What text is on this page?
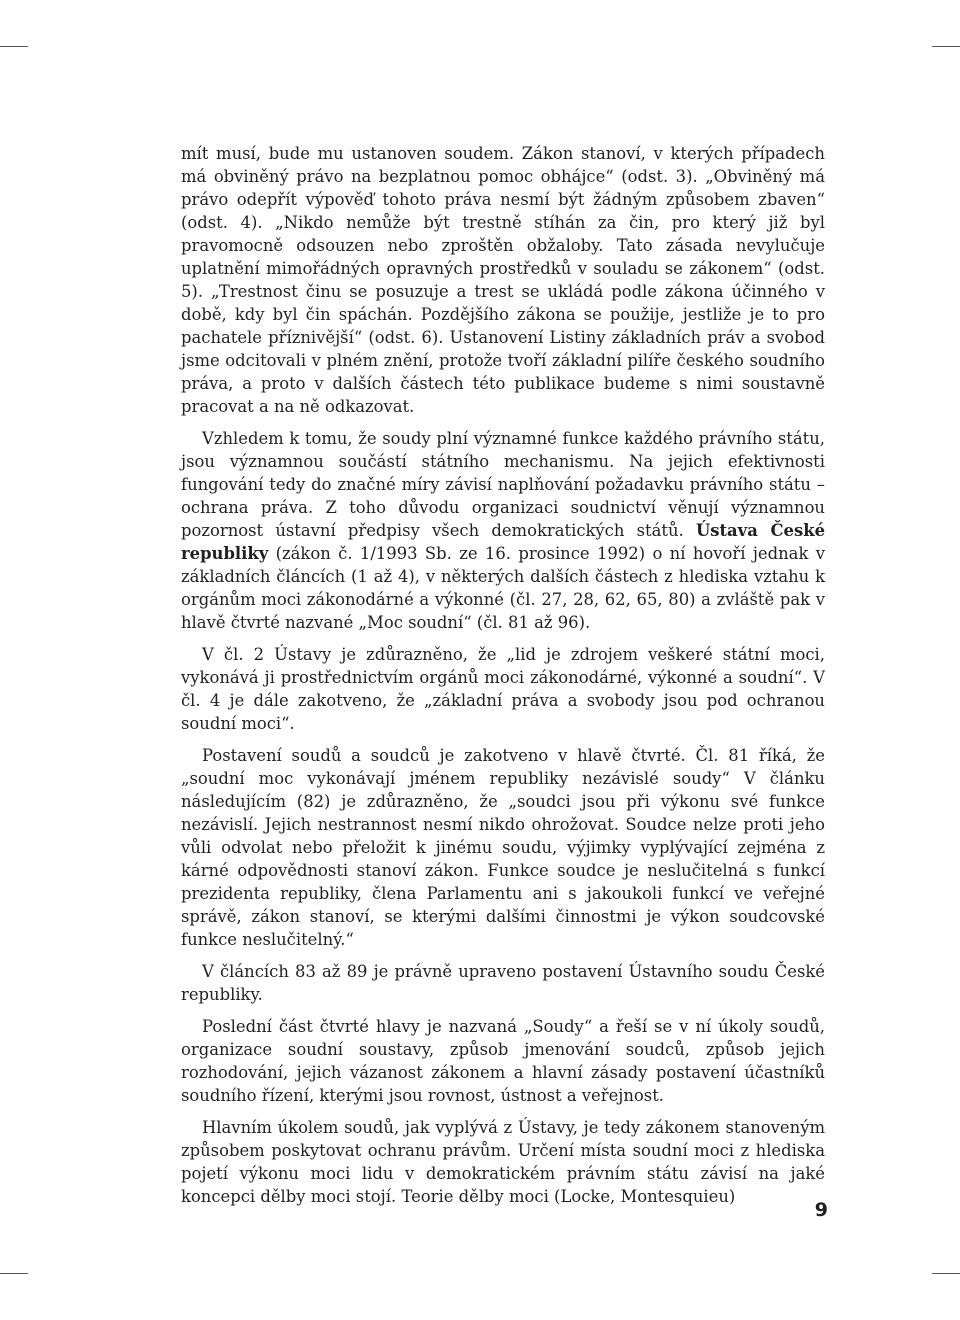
mít musí, bude mu ustanoven soudem. Zákon stanoví, v kterých případech má obviněný právo na bezplatnou pomoc obhájce“ (odst. 3). „Obviněný má právo odepřít výpověď tohoto práva nesmí být žádným způsobem zbaven“ (odst. 4). „Nikdo nemůže být trestně stíhán za čin, pro který již byl pravomocně odsouzen nebo zproštěn obžaloby. Tato zásada nevylučuje uplatnění mimořádných opravných prostředků v souladu se zákonem“ (odst. 5). „Trestnost činu se posuzuje a trest se ukládá podle zákona účinného v době, kdy byl čin spáchán. Pozdějšího zákona se použije, jestliže je to pro pachatele příznivější“ (odst. 6). Ustanovení Listiny základních práv a svobod jsme odcitovali v plném znění, protože tvoří základní pilíře českého soudního práva, a proto v dalších částech této publikace budeme s nimi soustavně pracovat a na ně odkazovat.

Vzhledem k tomu, že soudy plní významné funkce každého právního státu, jsou významnou součástí státního mechanismu. Na jejich efektivnosti fungování tedy do značné míry závisí naplňování požadavku právního státu – ochrana práva. Z toho důvodu organizaci soudnictví věnují významnou pozornost ústavní předpisy všech demokratických států. Ústava České republiky (zákon č. 1/1993 Sb. ze 16. prosince 1992) o ní hovoří jednak v základních článcích (1 až 4), v některých dalších částech z hlediska vztahu k orgánům moci zákonodárné a výkonné (čl. 27, 28, 62, 65, 80) a zvláště pak v hlavě čtvrté nazvané „Moc soudní“ (čl. 81 až 96).

V čl. 2 Ústavy je zdůrazněno, že „lid je zdrojem veškeré státní moci, vykonává ji prostřednictvím orgánů moci zákonodárné, výkonné a soudní“. V čl. 4 je dále zakotveno, že „základní práva a svobody jsou pod ochranou soudní moci“.

Postavení soudů a soudců je zakotveno v hlavě čtvrté. Čl. 81 říká, že „soudní moc vykonávají jménem republiky nezávislé soudy“ V článku následujícím (82) je zdůrazněno, že „soudci jsou při výkonu své funkce nezávislí. Jejich nestrannost nesmí nikdo ohrožovat. Soudce nelze proti jeho vůli odvolat nebo přeložit k jinému soudu, výjimky vyplývající zejména z kárné odpovědnosti stanoví zákon. Funkce soudce je neslučitelná s funkcí prezidenta republiky, člena Parlamentu ani s jakoukoli funkcí ve veřejné správě, zákon stanoví, se kterými dalšími činnostmi je výkon soudcovské funkce neslučitelný.“

V článcích 83 až 89 je právně upraveno postavení Ústavního soudu České republiky.

Poslední část čtvrté hlavy je nazvaná „Soudy“ a řeší se v ní úkoly soudů, organizace soudní soustavy, způsob jmenování soudců, způsob jejich rozhodování, jejich vázanost zákonem a hlavní zásady postavení účastníků soudního řízení, kterými jsou rovnost, ústnost a veřejnost.

Hlavním úkolem soudů, jak vyplývá z Ústavy, je tedy zákonem stanoveným způsobem poskytovat ochranu právům. Určení místa soudní moci z hlediska pojetí výkonu moci lidu v demokratickém právním státu závisí na jaké koncepci dělby moci stojí. Teorie dělby moci (Locke, Montesquieu)

9
